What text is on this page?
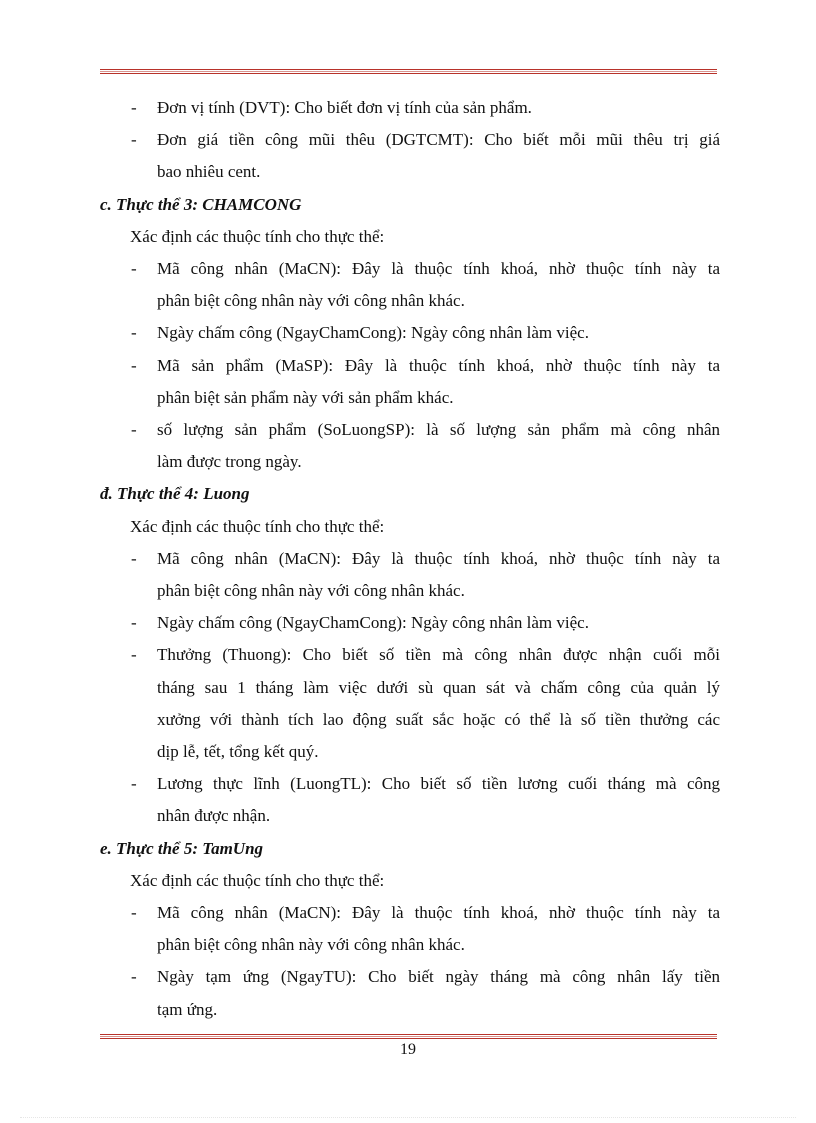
- Đơn vị tính (DVT): Cho biết đơn vị tính của sản phẩm.
- Đơn giá tiền công mũi thêu (DGTCMT): Cho biết mỗi mũi thêu trị giá
bao nhiêu cent.
c. Thực thể 3: CHAMCONG
Xác định các thuộc tính cho thực thể:
- Mã công nhân (MaCN): Đây là thuộc tính khoá, nhờ thuộc tính này ta
phân biệt công nhân này với công nhân khác.
- Ngày chấm công (NgayChamCong): Ngày công nhân làm việc.
- Mã sản phẩm (MaSP): Đây là thuộc tính khoá, nhờ thuộc tính này ta
phân biệt sản phẩm này với sản phẩm khác.
- số lượng sản phẩm (SoLuongSP): là số lượng sản phẩm mà công nhân
làm được trong ngày.
đ. Thực thể 4: Luong
Xác định các thuộc tính cho thực thể:
- Mã công nhân (MaCN): Đây là thuộc tính khoá, nhờ thuộc tính này ta
phân biệt công nhân này với công nhân khác.
- Ngày chấm công (NgayChamCong): Ngày công nhân làm việc.
- Thưởng (Thuong): Cho biết số tiền mà công nhân được nhận cuối mỗi
tháng sau 1 tháng làm việc dưới sù quan sát và chấm công của quản lý
xưởng với thành tích lao động suất sắc hoặc có thể là số tiền thưởng các
dịp lễ, tết, tổng kết quý.
- Lương thực lĩnh (LuongTL): Cho biết số tiền lương cuối tháng mà công
nhân được nhận.
e. Thực thể 5: TamUng
Xác định các thuộc tính cho thực thể:
- Mã công nhân (MaCN): Đây là thuộc tính khoá, nhờ thuộc tính này ta
phân biệt công nhân này với công nhân khác.
- Ngày tạm ứng (NgayTU): Cho biết ngày tháng mà công nhân lấy tiền
tạm ứng.
19
